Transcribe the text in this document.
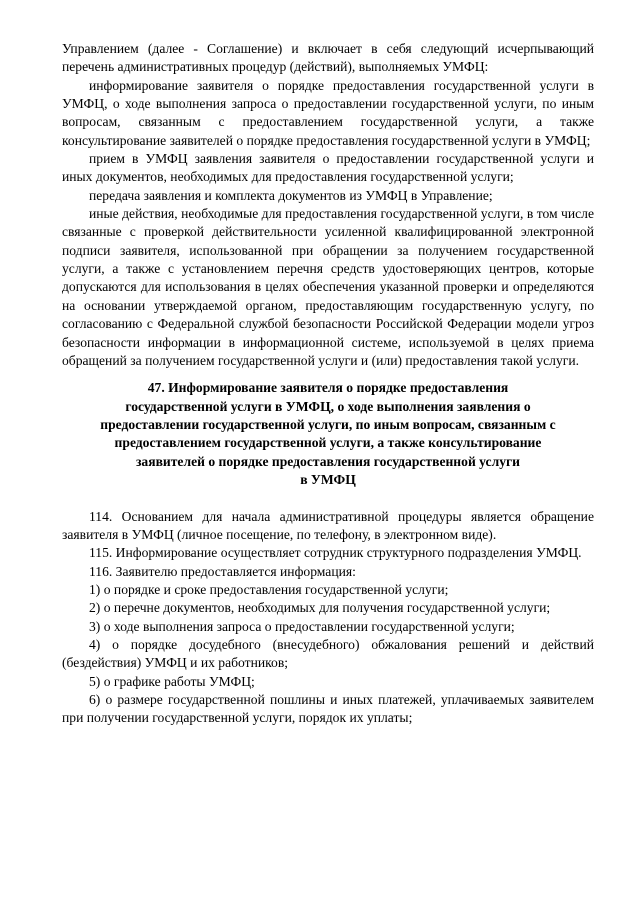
Управлением (далее - Соглашение) и включает в себя следующий исчерпывающий перечень административных процедур (действий), выполняемых УМФЦ:

информирование заявителя о порядке предоставления государственной услуги в УМФЦ, о ходе выполнения запроса о предоставлении государственной услуги, по иным вопросам, связанным с предоставлением государственной услуги, а также консультирование заявителей о порядке предоставления государственной услуги в УМФЦ;

прием в УМФЦ заявления заявителя о предоставлении государственной услуги и иных документов, необходимых для предоставления государственной услуги;

передача заявления и комплекта документов из УМФЦ в Управление;

иные действия, необходимые для предоставления государственной услуги, в том числе связанные с проверкой действительности усиленной квалифицированной электронной подписи заявителя, использованной при обращении за получением государственной услуги, а также с установлением перечня средств удостоверяющих центров, которые допускаются для использования в целях обеспечения указанной проверки и определяются на основании утверждаемой органом, предоставляющим государственную услугу, по согласованию с Федеральной службой безопасности Российской Федерации модели угроз безопасности информации в информационной системе, используемой в целях приема обращений за получением государственной услуги и (или) предоставления такой услуги.

47. Информирование заявителя о порядке предоставления
государственной услуги в УМФЦ, о ходе выполнения заявления о
предоставлении государственной услуги, по иным вопросам, связанным с
предоставлением государственной услуги, а также консультирование
заявителей о порядке предоставления государственной услуги
в УМФЦ

114. Основанием для начала административной процедуры является обращение заявителя в УМФЦ (личное посещение, по телефону, в электронном виде).

115. Информирование осуществляет сотрудник структурного подразделения УМФЦ.

116. Заявителю предоставляется информация:

1) о порядке и сроке предоставления государственной услуги;

2) о перечне документов, необходимых для получения государственной услуги;

3) о ходе выполнения запроса о предоставлении государственной услуги;

4) о порядке досудебного (внесудебного) обжалования решений и действий (бездействия) УМФЦ и их работников;

5) о графике работы УМФЦ;

6) о размере государственной пошлины и иных платежей, уплачиваемых заявителем при получении государственной услуги, порядок их уплаты;
